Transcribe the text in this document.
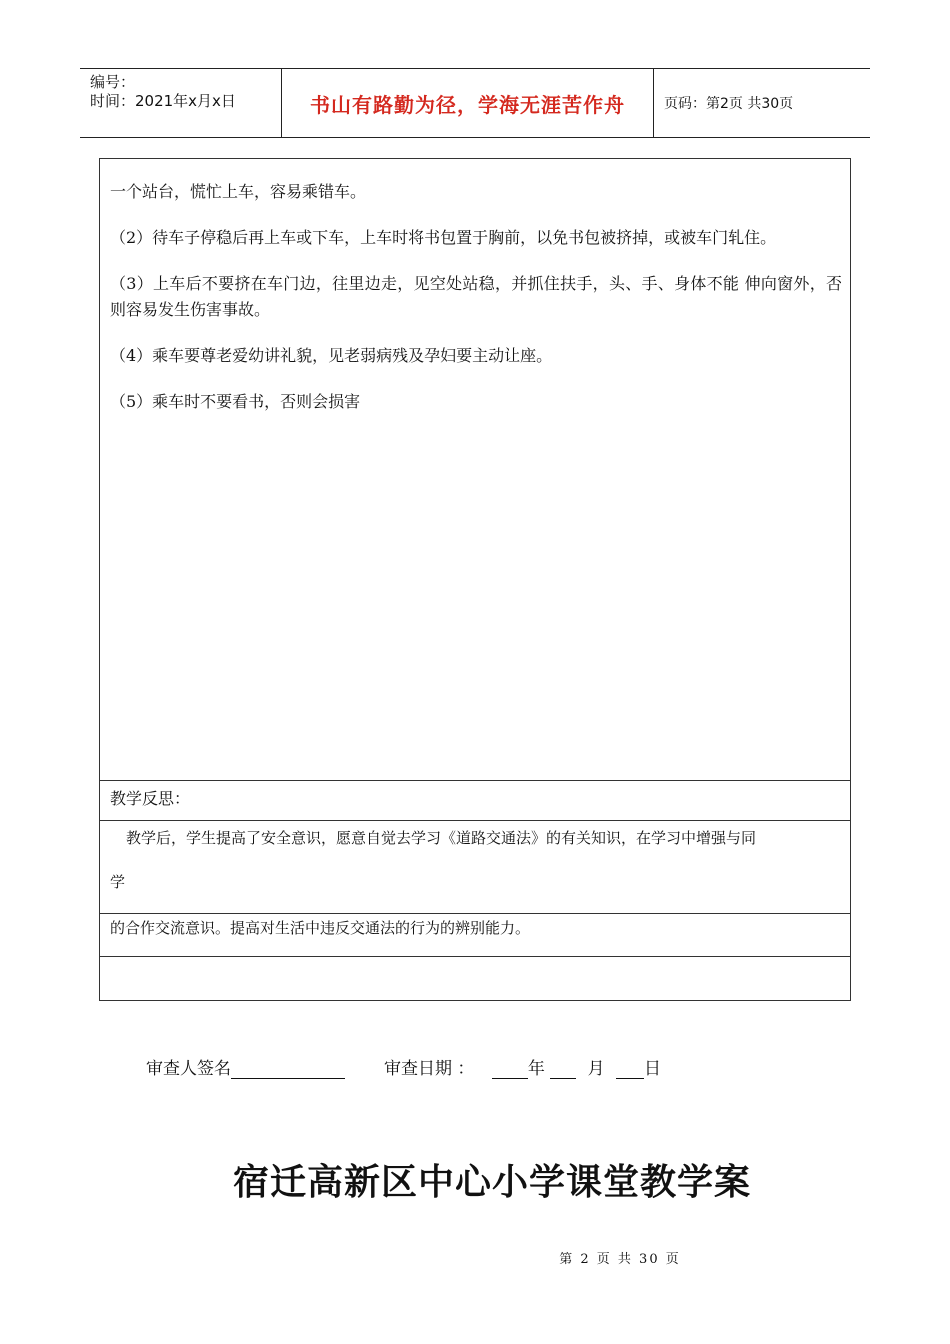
编号：
时间：2021年x月x日	书山有路勤为径，学海无涯苦作舟	页码：第2页 共30页

一个站台，慌忙上车，容易乘错车。

（2）待车子停稳后再上车或下车，上车时将书包置于胸前，以免书包被挤掉，或被车门轧住。

（3）上车后不要挤在车门边，往里边走，见空处站稳，并抓住扶手，头、手、身体不能 伸向窗外，否则容易发生伤害事故。

（4）乘车要尊老爱幼讲礼貌，见老弱病残及孕妇要主动让座。

（5）乘车时不要看书，否则会损害

教学反思：
教学后，学生提高了安全意识，愿意自觉去学习《道路交通法》的有关知识，在学习中增强与同
学
的合作交流意识。提高对生活中违反交通法的行为的辨别能力。
审查人签名	审查日期 ：	年	月 日
宿迁高新区中心小学课堂教学案
第 2 页 共 30 页
